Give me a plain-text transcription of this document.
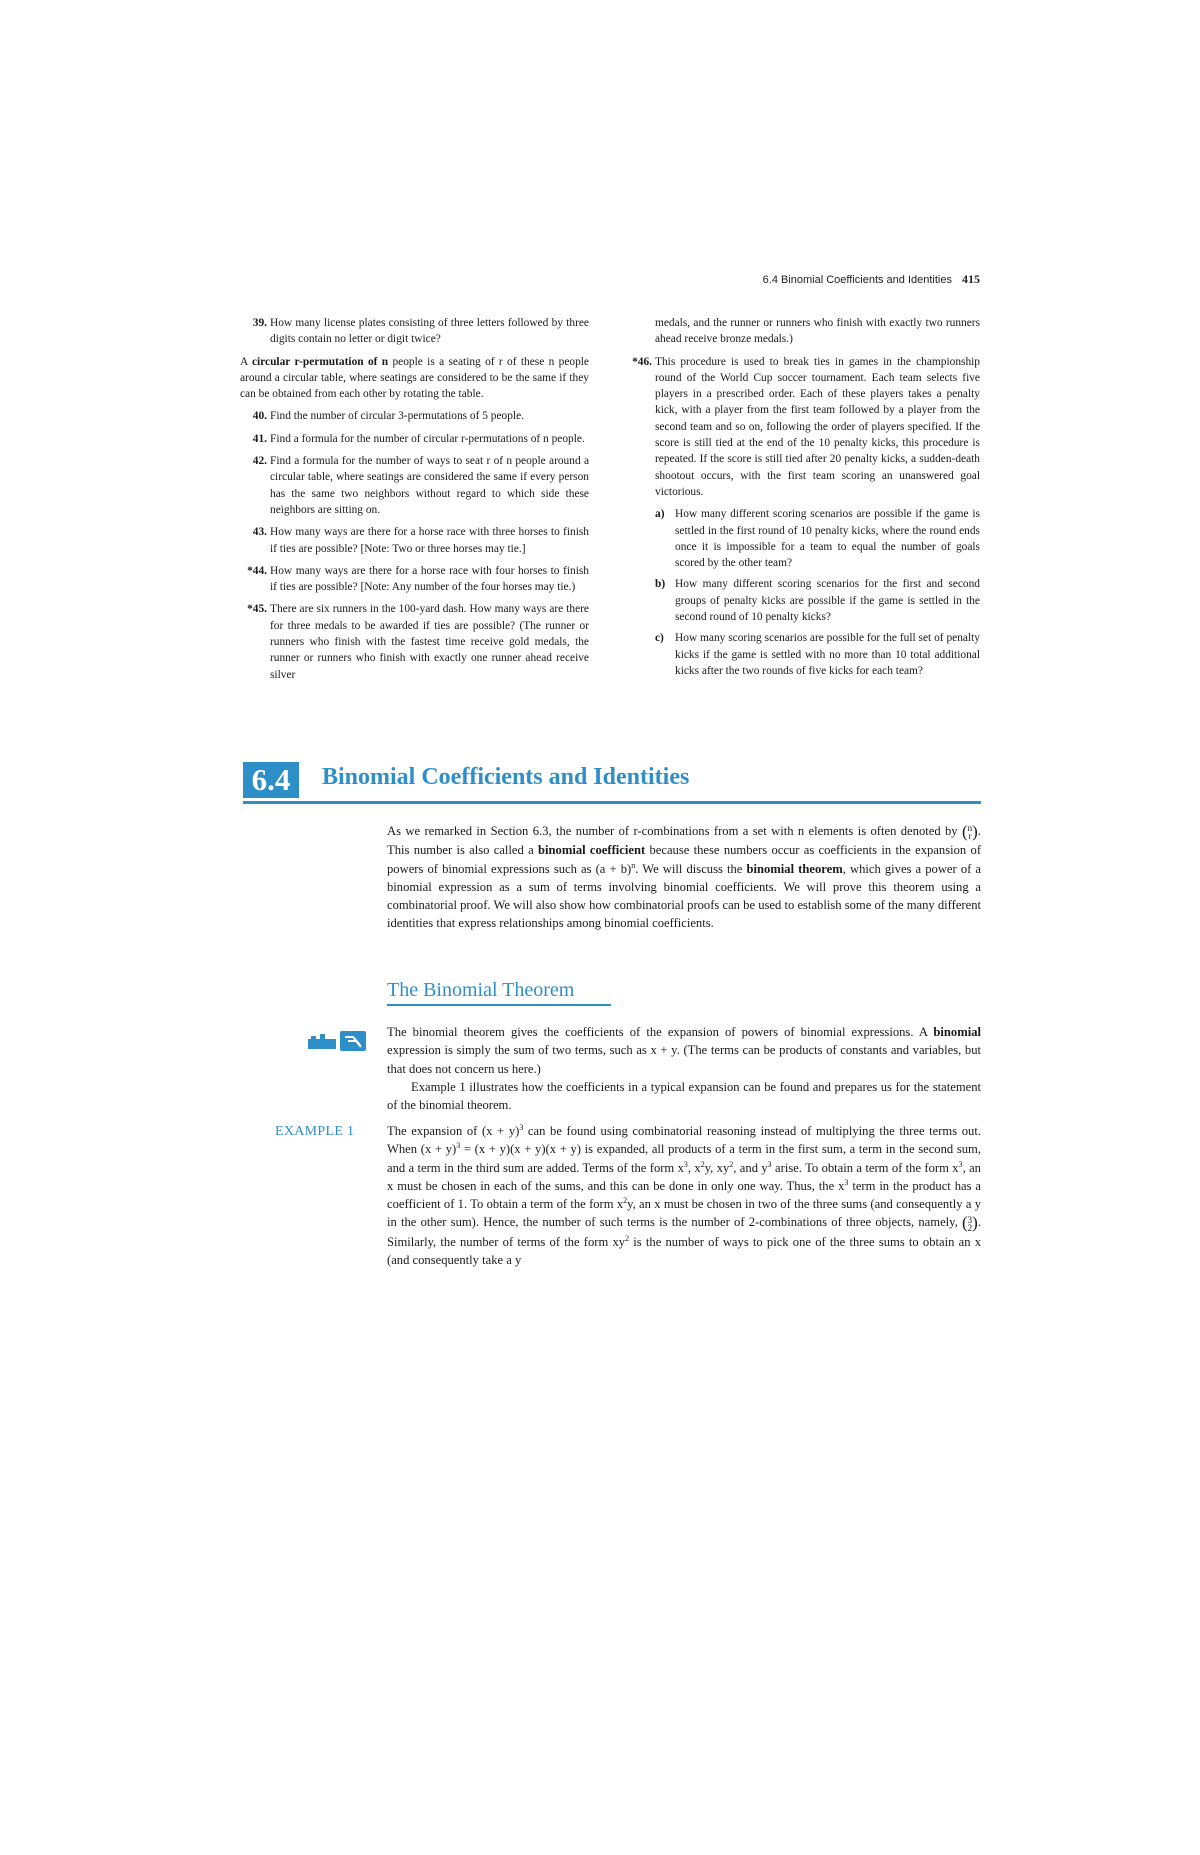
6.4 Binomial Coefficients and Identities 415
39. How many license plates consisting of three letters followed by three digits contain no letter or digit twice?

A circular r-permutation of n people is a seating of r of these n people around a circular table, where seatings are considered to be the same if they can be obtained from each other by rotating the table.

40. Find the number of circular 3-permutations of 5 people.
41. Find a formula for the number of circular r-permutations of n people.
42. Find a formula for the number of ways to seat r of n people around a circular table, where seatings are considered the same if every person has the same two neighbors without regard to which side these neighbors are sitting on.
43. How many ways are there for a horse race with three horses to finish if ties are possible? [Note: Two or three horses may tie.]
*44. How many ways are there for a horse race with four horses to finish if ties are possible? [Note: Any number of the four horses may tie.)
*45. There are six runners in the 100-yard dash. How many ways are there for three medals to be awarded if ties are possible? (The runner or runners who finish with the fastest time receive gold medals, the runner or runners who finish with exactly one runner ahead receive silver

medals, and the runner or runners who finish with exactly two runners ahead receive bronze medals.)

*46. This procedure is used to break ties in games in the championship round of the World Cup soccer tournament. Each team selects five players in a prescribed order. Each of these players takes a penalty kick, with a player from the first team followed by a player from the second team and so on, following the order of players specified. If the score is still tied at the end of the 10 penalty kicks, this procedure is repeated. If the score is still tied after 20 penalty kicks, a sudden-death shootout occurs, with the first team scoring an unanswered goal victorious.
a) How many different scoring scenarios are possible if the game is settled in the first round of 10 penalty kicks, where the round ends once it is impossible for a team to equal the number of goals scored by the other team?
b) How many different scoring scenarios for the first and second groups of penalty kicks are possible if the game is settled in the second round of 10 penalty kicks?
c) How many scoring scenarios are possible for the full set of penalty kicks if the game is settled with no more than 10 total additional kicks after the two rounds of five kicks for each team?
6.4	Binomial Coefficients and Identities

As we remarked in Section 6.3, the number of r-combinations from a set with n elements is often denoted by ( n
r ). This number is also called a binomial coefficient because these numbers occur as coefficients in the expansion of powers of binomial expressions such as $(a + b)^n$. We will discuss the binomial theorem, which gives a power of a binomial expression as a sum of terms involving binomial coefficients. We will prove this theorem using a combinatorial proof. We will also show how combinatorial proofs can be used to establish some of the many different identities that express relationships among binomial coefficients.

The Binomial Theorem

The binomial theorem gives the coefficients of the expansion of powers of binomial expressions. A binomial expression is simply the sum of two terms, such as x + y. (The terms can be products of constants and variables, but that does not concern us here.)

Example 1 illustrates how the coefficients in a typical expansion can be found and prepares us for the statement of the binomial theorem.

EXAMPLE 1	The expansion of $(x + y)^3$ can be found using combinatorial reasoning instead of multiplying the three terms out. When $(x + y)^3 = (x + y)(x + y)(x + y)$ is expanded, all products of a term in the first sum, a term in the second sum, and a term in the third sum are added. Terms of the form $x^3$, $x^2y$, $xy^2$, and $y^3$ arise. To obtain a term of the form $x^3$, an x must be chosen in each of the sums, and this can be done in only one way. Thus, the $x^3$ term in the product has a coefficient of 1. To obtain a term of the form $x^2y$, an x must be chosen in two of the three sums (and consequently a y in the other sum). Hence, the number of such terms is the number of 2-combinations of three objects, namely, ( 3
2 ). Similarly, the number of terms of the form $xy^2$ is the number of ways to pick one of the three sums to obtain an x (and consequently take a y
